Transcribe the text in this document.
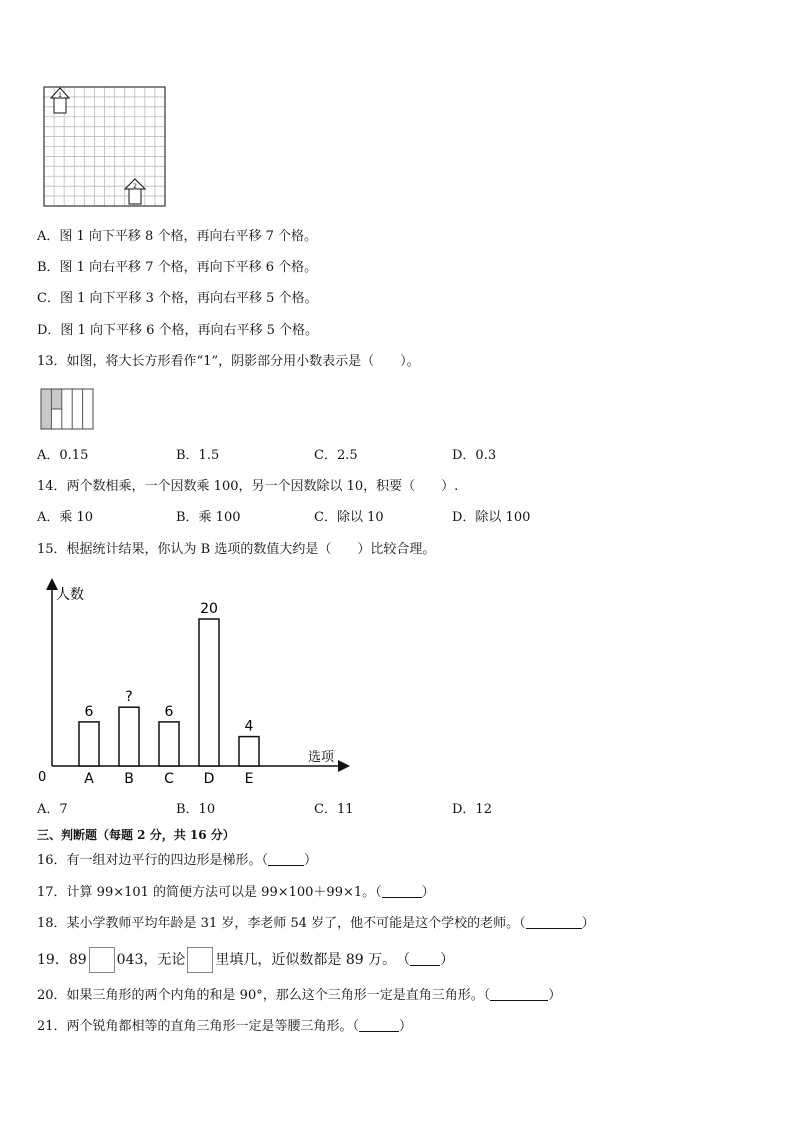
1
2
A．图 1 向下平移 8 个格，再向右平移 7 个格。
B．图 1 向右平移 7 个格，再向下平移 6 个格。
C．图 1 向下平移 3 个格，再向右平移 5 个格。
D．图 1 向下平移 6 个格，再向右平移 5 个格。
13．如图，将大长方形看作“1”，阴影部分用小数表示是（　　）。
A．0.15	B．1.5	C．2.5	D．0.3
14．两个数相乘，一个因数乘 100，另一个因数除以 10，积要（　　）.
A．乘 10	B．乘 100	C．除以 10	D．除以 100
15．根据统计结果，你认为 B 选项的数值大约是（　　）比较合理。
人数
选项
0
6
A
?
B
6
C
20
D
4
E
A．7	B．10	C．11	D．12
三、判断题（每题 2 分，共 16 分）
16．有一组对边平行的四边形是梯形。（	）
17．计算 99×101 的简便方法可以是 99×100＋99×1。（	）
18．某小学教师平均年龄是 31 岁，李老师 54 岁了，他不可能是这个学校的老师。（	）
19．89 043，无论 里填几，近似数都是 89 万。　（ ）
20．如果三角形的两个内角的和是 90°，那么这个三角形一定是直角三角形。（	）
21．两个锐角都相等的直角三角形一定是等腰三角形。（	）
